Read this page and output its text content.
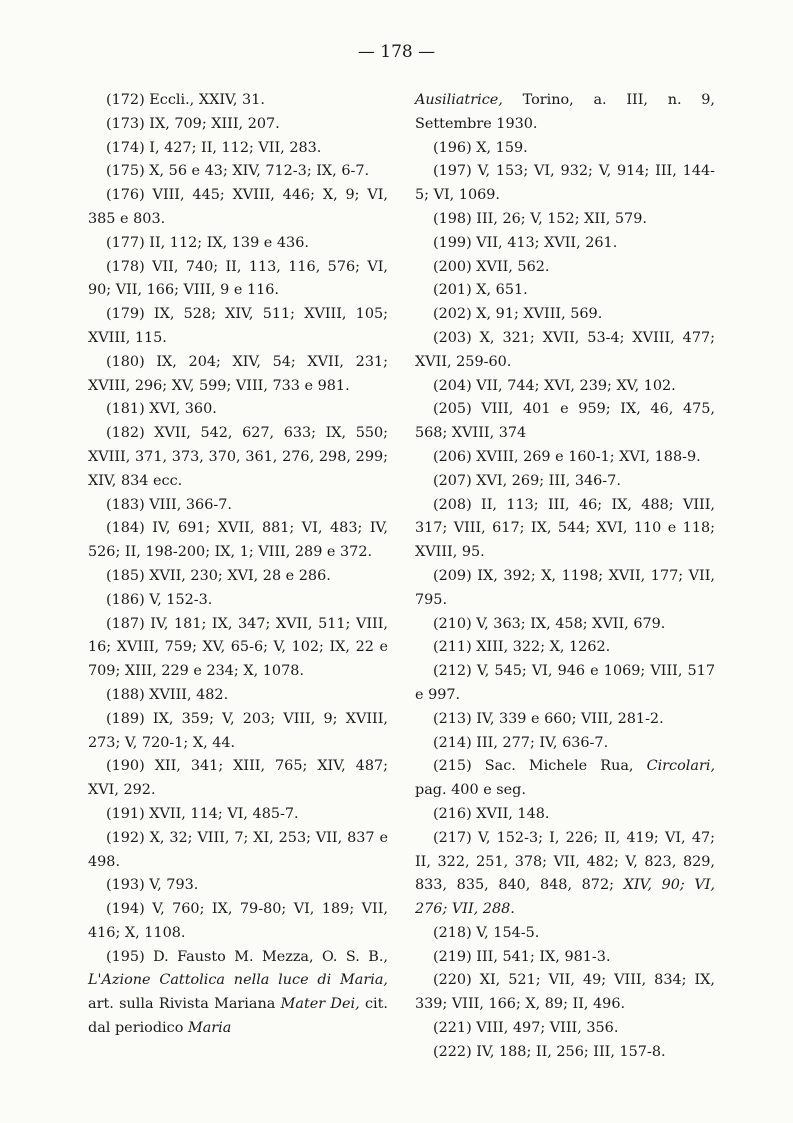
— 178 —

(172) Eccli., XXIV, 31.

(173) IX, 709; XIII, 207.

(174) I, 427; II, 112; VII, 283.

(175) X, 56 e 43; XIV, 712-3; IX, 6-7.

(176) VIII, 445; XVIII, 446; X, 9; VI, 385 e 803.

(177) II, 112; IX, 139 e 436.

(178) VII, 740; II, 113, 116, 576; VI, 90; VII, 166; VIII, 9 e 116.

(179) IX, 528; XIV, 511; XVIII, 105; XVIII, 115.

(180) IX, 204; XIV, 54; XVII, 231; XVIII, 296; XV, 599; VIII, 733 e 981.

(181) XVI, 360.

(182) XVII, 542, 627, 633; IX, 550; XVIII, 371, 373, 370, 361, 276, 298, 299; XIV, 834 ecc.

(183) VIII, 366-7.

(184) IV, 691; XVII, 881; VI, 483; IV, 526; II, 198-200; IX, 1; VIII, 289 e 372.

(185) XVII, 230; XVI, 28 e 286.

(186) V, 152-3.

(187) IV, 181; IX, 347; XVII, 511; VIII, 16; XVIII, 759; XV, 65-6; V, 102; IX, 22 e 709; XIII, 229 e 234; X, 1078.

(188) XVIII, 482.

(189) IX, 359; V, 203; VIII, 9; XVIII, 273; V, 720-1; X, 44.

(190) XII, 341; XIII, 765; XIV, 487; XVI, 292.

(191) XVII, 114; VI, 485-7.

(192) X, 32; VIII, 7; XI, 253; VII, 837 e 498.

(193) V, 793.

(194) V, 760; IX, 79-80; VI, 189; VII, 416; X, 1108.

(195) D. Fausto M. Mezza, O. S. B., L'Azione Cattolica nella luce di Maria, art. sulla Rivista Mariana Mater Dei, cit. dal periodico Maria

Ausiliatrice, Torino, a. III, n. 9, Settembre 1930.

(196) X, 159.

(197) V, 153; VI, 932; V, 914; III, 144-5; VI, 1069.

(198) III, 26; V, 152; XII, 579.

(199) VII, 413; XVII, 261.

(200) XVII, 562.

(201) X, 651.

(202) X, 91; XVIII, 569.

(203) X, 321; XVII, 53-4; XVIII, 477; XVII, 259-60.

(204) VII, 744; XVI, 239; XV, 102.

(205) VIII, 401 e 959; IX, 46, 475, 568; XVIII, 374

(206) XVIII, 269 e 160-1; XVI, 188-9.

(207) XVI, 269; III, 346-7.

(208) II, 113; III, 46; IX, 488; VIII, 317; VIII, 617; IX, 544; XVI, 110 e 118; XVIII, 95.

(209) IX, 392; X, 1198; XVII, 177; VII, 795.

(210) V, 363; IX, 458; XVII, 679.

(211) XIII, 322; X, 1262.

(212) V, 545; VI, 946 e 1069; VIII, 517 e 997.

(213) IV, 339 e 660; VIII, 281-2.

(214) III, 277; IV, 636-7.

(215) Sac. Michele Rua, Circolari, pag. 400 e seg.

(216) XVII, 148.

(217) V, 152-3; I, 226; II, 419; VI, 47; II, 322, 251, 378; VII, 482; V, 823, 829, 833, 835, 840, 848, 872; XIV, 90; VI, 276; VII, 288.

(218) V, 154-5.

(219) III, 541; IX, 981-3.

(220) XI, 521; VII, 49; VIII, 834; IX, 339; VIII, 166; X, 89; II, 496.

(221) VIII, 497; VIII, 356.

(222) IV, 188; II, 256; III, 157-8.
